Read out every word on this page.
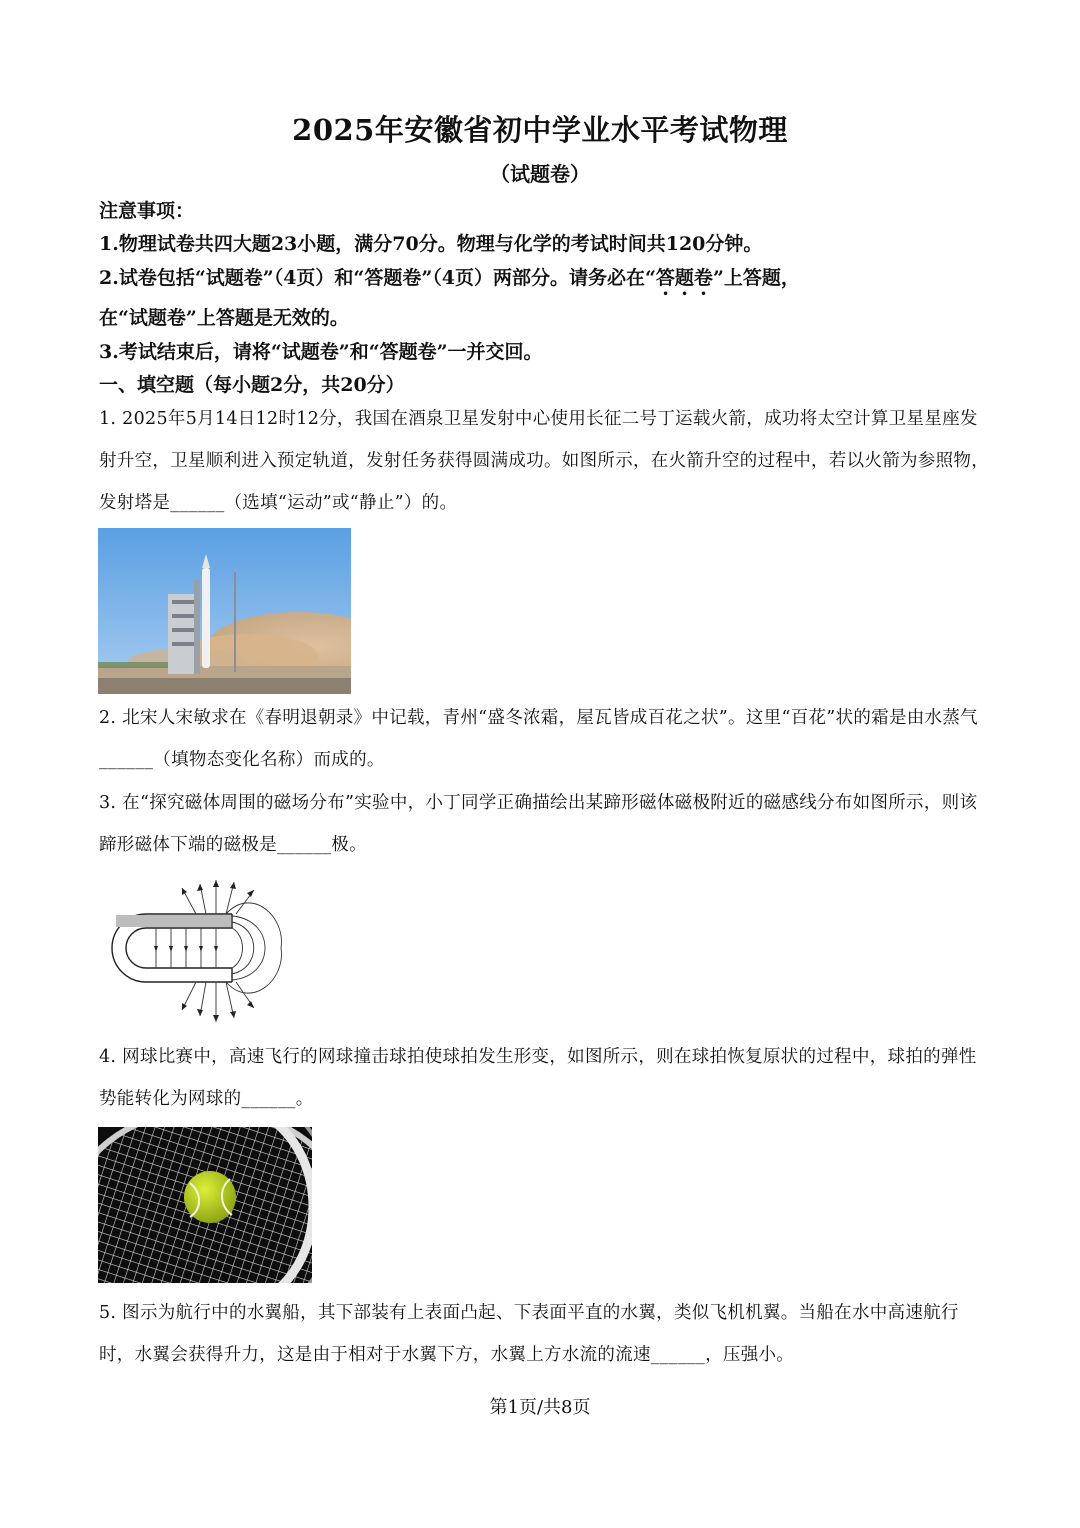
2025年安徽省初中学业水平考试物理
（试题卷）
注意事项：
1.物理试卷共四大题23小题，满分70分。物理与化学的考试时间共120分钟。
2.试卷包括“试题卷”（4页）和“答题卷”（4页）两部分。请务必在“答题卷”上答题，
在“试题卷”上答题是无效的。
3.考试结束后，请将“试题卷”和“答题卷”一并交回。
一、填空题（每小题2分，共20分）
1. 2025年5月14日12时12分，我国在酒泉卫星发射中心使用长征二号丁运载火箭，成功将太空计算卫星星座发射升空，卫星顺利进入预定轨道，发射任务获得圆满成功。如图所示，在火箭升空的过程中，若以火箭为参照物，发射塔是______（选填“运动”或“静止”）的。
2. 北宋人宋敏求在《春明退朝录》中记载，青州“盛冬浓霜，屋瓦皆成百花之状”。这里“百花”状的霜是由水蒸气______（填物态变化名称）而成的。
3. 在“探究磁体周围的磁场分布”实验中，小丁同学正确描绘出某蹄形磁体磁极附近的磁感线分布如图所示，则该蹄形磁体下端的磁极是______极。
4. 网球比赛中，高速飞行的网球撞击球拍使球拍发生形变，如图所示，则在球拍恢复原状的过程中，球拍的弹性势能转化为网球的______。
5. 图示为航行中的水翼船，其下部装有上表面凸起、下表面平直的水翼，类似飞机机翼。当船在水中高速航行时，水翼会获得升力，这是由于相对于水翼下方，水翼上方水流的流速______，压强小。
第1页/共8页
